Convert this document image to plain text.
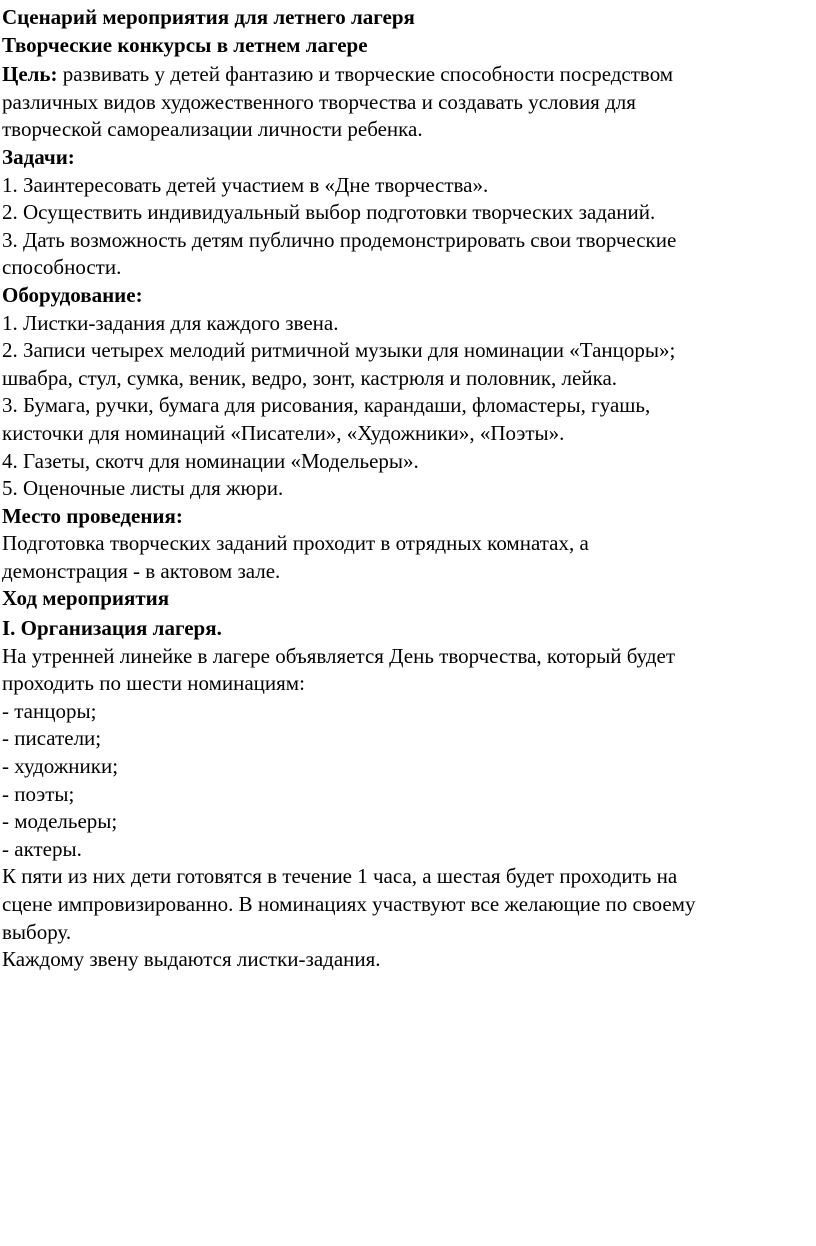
Сценарий мероприятия для летнего лагеря
Творческие конкурсы в летнем лагере
Цель: развивать у детей фантазию и творческие способности посредством
различных видов художественного творчества и создавать условия для
творческой самореализации личности ребенка.
Задачи:
1. Заинтересовать детей участием в «Дне творчества».
2. Осуществить индивидуальный выбор подготовки творческих заданий.
3. Дать возможность детям публично продемонстрировать свои творческие
способности.
Оборудование:
1. Листки-задания для каждого звена.
2. Записи четырех мелодий ритмичной музыки для номинации «Танцоры»;
швабра, стул, сумка, веник, ведро, зонт, кастрюля и половник, лейка.
3. Бумага, ручки, бумага для рисования, карандаши, фломастеры, гуашь,
кисточки для номинаций «Писатели», «Художники», «Поэты».
4. Газеты, скотч для номинации «Модельеры».
5. Оценочные листы для жюри.
Место проведения:
Подготовка творческих заданий проходит в отрядных комнатах, а
демонстрация - в актовом зале.
Ход мероприятия
I. Организация лагеря.
На утренней линейке в лагере объявляется День творчества, который будет
проходить по шести номинациям:
- танцоры;
- писатели;
- художники;
- поэты;
- модельеры;
- актеры.
К пяти из них дети готовятся в течение 1 часа, а шестая будет проходить на
сцене импровизированно. В номинациях участвуют все желающие по своему
выбору.
Каждому звену выдаются листки-задания.
